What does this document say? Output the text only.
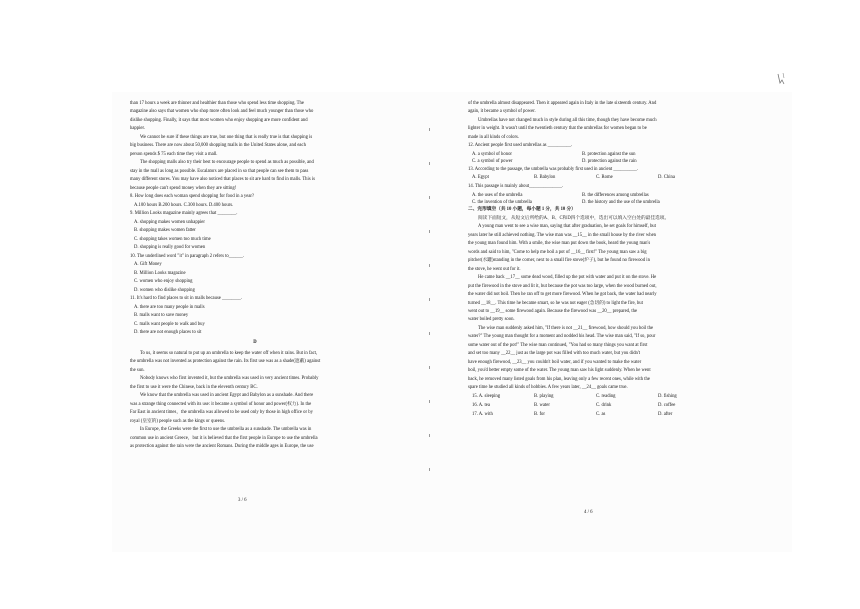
than 17 hours a week are thinner and healthier than those who spend less time shopping. The

magazine also says that women who shop more often look and feel much younger than those who

dislike shopping. Finally, it says that most women who enjoy shopping are more confident and

happier.

We cannot be sure if these things are true, but one thing that is really true is that shopping is

big business. There are now about 50,000 shopping malls in the United States alone, and each

person spends $ 75 each time they visit a mall.

The shopping malls also try their best to encourage people to spend as much as possible, and

stay in the mall as long as possible. Escalators are placed in so that people can see them to pass

many different stores. You may have also noticed that places to sit are hard to find in malls. This is

because people can't spend money when they are sitting!

8. How long does each woman spend shopping for food in a year?

A.100 hours B.200 hours. C.300 hours. D.400 hours.

9. Million Looks magazine mainly agrees that ________.

A. shopping makes women unhappier

B. shopping makes women fatter

C. shopping takes women too much time

D. shopping is really good for women

10. The underlined word "it" in paragraph 2 refers to______.

A. Gift Money

B. Million Looks magazine

C. women who enjoy shopping

D. women who dislike shopping

11. It's hard to find places to sit in malls because ________.

A. there are too many people in malls

B. malls want to save money

C. malls want people to walk and buy

D. there are not enough places to sit

D

To us, it seems so natural to put up an umbrella to keep the water off when it rains. But in fact,

the umbrella was not invented as protection against the rain. Its first use was as a shade(遮蔽) against

the sun.

Nobody knows who first invented it, but the umbrella was used in very ancient times. Probably

the first to use it were the Chinese, back in the eleventh century BC.

We know that the umbrella was used in ancient Egypt and Babylon as a sunshade. And there

was a strange thing connected with its use: it became a symbol of honor and power(权力). In the

Far East in ancient times，the umbrella was allowed to be used only by those in high office or by

royal (皇室的) people such as the kings or queens.

In Europe, the Greeks were the first to use the umbrella as a sunshade. The umbrella was in

common use in ancient Greece，but it is believed that the first people in Europe to use the umbrella

as protection against the rain were the ancient Romans. During the middle ages in Europe, the use

3 / 6

of the umbrella almost disappeared. Then it appeared again in Italy in the late sixteenth century. And

again, it became a symbol of power.

Umbrellas have not changed much in style during all this time, though they have become much

lighter in weight. It wasn't until the twentieth century that the umbrellas for women began to be

made in all kinds of colors.

12. Ancient people first used umbrellas as __________.

A. a symbol of honor	B. protection against the sun
C. a symbol of power	D. protection against the rain

13. According to the passage, the umbrella was probably first used in ancient __________.

A. Egypt	B. Babylon	C. Rome	D. China

14. This passage is mainly about______________.

A. the uses of the umbrella	B. the differences among umbrellas
C. the invention of the umbrella	D. the history and the use of the umbrella

二、完形填空（共 10 小题，每小题 1 分，共 10 分）

阅读下面短文，从短文后所给的A、B、C和D四个选项中，选出可以填入空白处的最佳选项。

A young man went to see a wise man, saying that after graduation, he set goals for himself, but

years later he still achieved nothing. The wise man was __15__ in the small house by the river when

the young man found him. With a smile, the wise man put down the book, heard the young man's

words and said to him, "Come to help me boil a pot of __16__ first!" The young man saw a big

pitcher(水罐)standing in the corner, next to a small fire stove(炉子), but he found no firewood in

the stove, he went out for it.

He came back __17__ some dead wood, filled up the pot with water and put it on the stove. He

put the firewood in the stove and lit it, but because the pot was too large, when the wood burned out,

the water did not boil. Then he ran off to get more firewood. When he got back, the water had nearly

turned __18__. This time he became smart, so he was not eager (急切的) to light the fire, but

went out to __19__ some firewood again. Because the firewood was __20__ prepared, the

water boiled pretty soon.

The wise man suddenly asked him, "If there is not __21__ firewood, how should you boil the

water?" The young man thought for a moment and nodded his head. The wise man said, "If so, pour

some water out of the pot!" The wise man continued, "You had so many things you want at first

and set too many __22__ just as the large pot was filled with too much water, but you didn't

have enough firewood, __23__ you couldn't boil water, and if you wanted to make the water

boil, you'd better empty some of the water. The young man saw his light suddenly. When he went

back, he removed many listed goals from his plan, leaving only a few recent ones, while with the

spare time he studied all kinds of hobbies. A few years later, __24__ goals came true.

15. A. sleeping	B. playing	C. reading	D. fishing
16. A. tea	B. water	C. drink	D. coffee
17. A. with	B. for	C. as	D. after
4 / 6
